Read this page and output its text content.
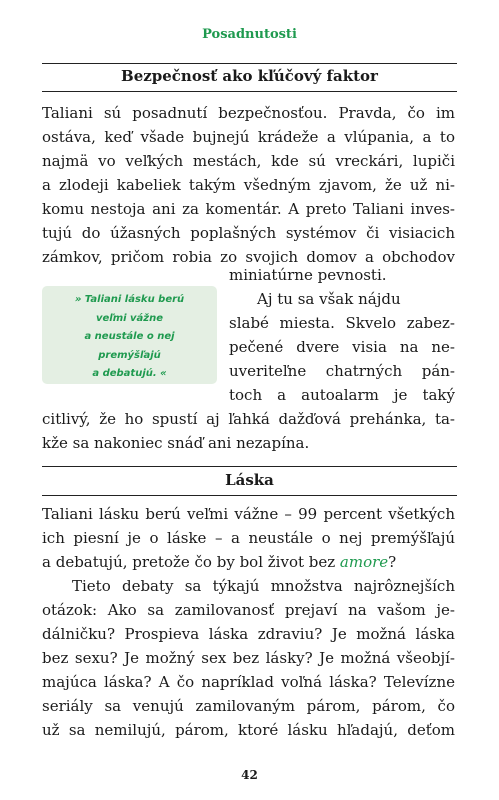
Posadnutosti
Bezpečnosť ako kľúčový faktor
Taliani sú posadnutí bezpečnosťou. Pravda, čo im
ostáva, keď všade bujnejú krádeže a vlúpania, a to
najmä vo veľkých mestách, kde sú vreckári, lupiči
a zlodeji kabeliek takým všedným zjavom, že už ni-
komu nestoja ani za komentár. A preto Taliani inves-
tujú do úžasných poplašných systémov či visiacich
zámkov, pričom robia zo svojich domov a obchodov
miniatúrne pevnosti.
Aj tu sa však nájdu
slabé miesta. Skvelo zabez-
pečené dvere visia na ne-
uveriteľne chatrných pán-
toch a autoalarm je taký
citlivý, že ho spustí aj ľahká dažďová prehánka, ta-
kže sa nakoniec snáď ani nezapína.
» Taliani lásku berú
veľmi vážne
a neustále o nej
premýšľajú
a debatujú. «
Láska
Taliani lásku berú veľmi vážne – 99 percent všetkých
ich piesní je o láske – a neustále o nej premýšľajú
a debatujú, pretože čo by bol život bez amore?
Tieto debaty sa týkajú množstva najrôznejších
otázok: Ako sa zamilovanosť prejaví na vašom je-
dálničku? Prospieva láska zdraviu? Je možná láska
bez sexu? Je možný sex bez lásky? Je možná všeobjí-
majúca láska? A čo napríklad voľná láska? Televízne
seriály sa venujú zamilovaným párom, párom, čo
už sa nemilujú, párom, ktoré lásku hľadajú, deťom
42
